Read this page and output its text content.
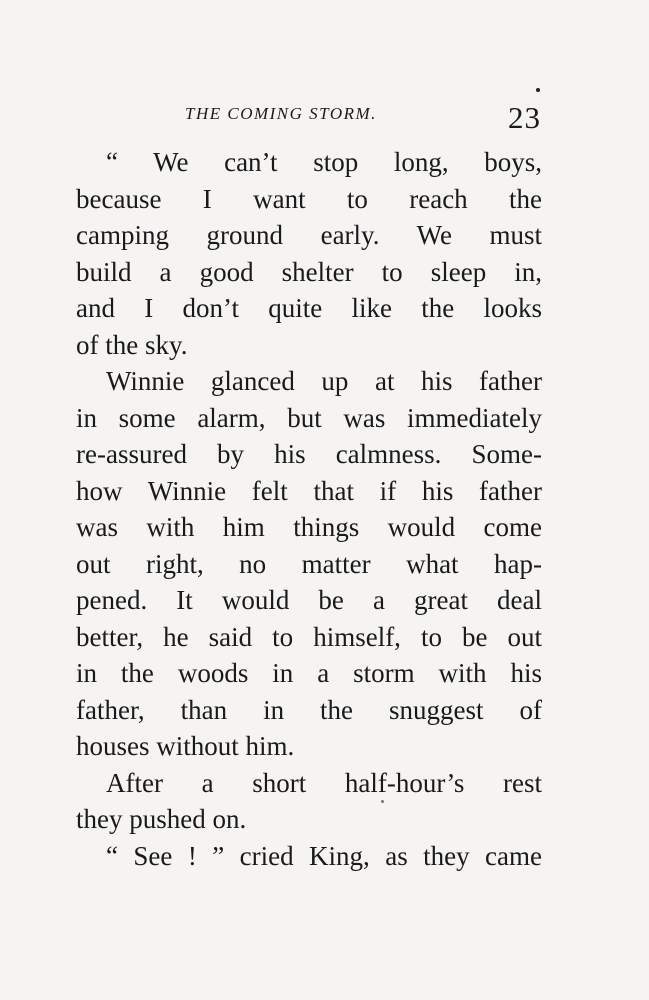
THE COMING STORM.	23
“ We can’t stop long, boys,
because I want to reach the
camping ground early. We must
build a good shelter to sleep in,
and I don’t quite like the looks
of the sky.
Winnie glanced up at his father
in some alarm, but was immediately
re-assured by his calmness. Some-
how Winnie felt that if his father
was with him things would come
out right, no matter what hap-
pened. It would be a great deal
better, he said to himself, to be out
in the woods in a storm with his
father, than in the snuggest of
houses without him.
After a short half-hour’s rest
they pushed on.
“ See ! ” cried King, as they came
